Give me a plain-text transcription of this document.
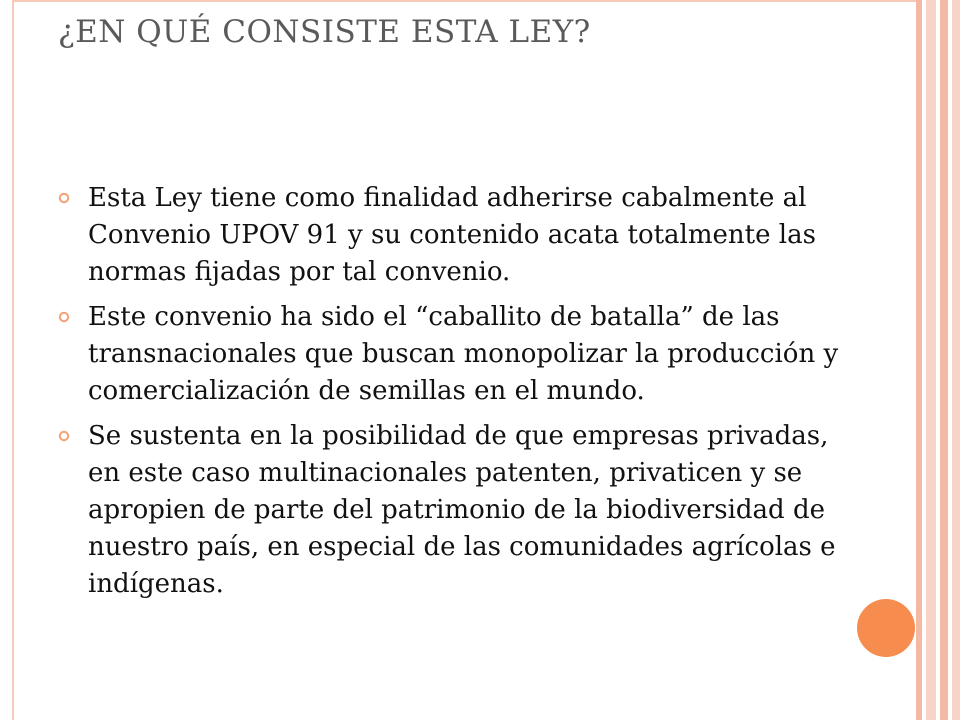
¿EN QUÉ CONSISTE ESTA LEY?
Esta Ley tiene como finalidad adherirse cabalmente al Convenio UPOV 91 y su contenido acata totalmente las normas fijadas por tal convenio.
Este convenio ha sido el “caballito de batalla” de las transnacionales que buscan monopolizar la producción y comercialización de semillas en el mundo.
Se sustenta en la posibilidad de que empresas privadas, en este caso multinacionales patenten, privaticen y se apropien de parte del patrimonio de la biodiversidad de nuestro país, en especial de las comunidades agrícolas e indígenas.
